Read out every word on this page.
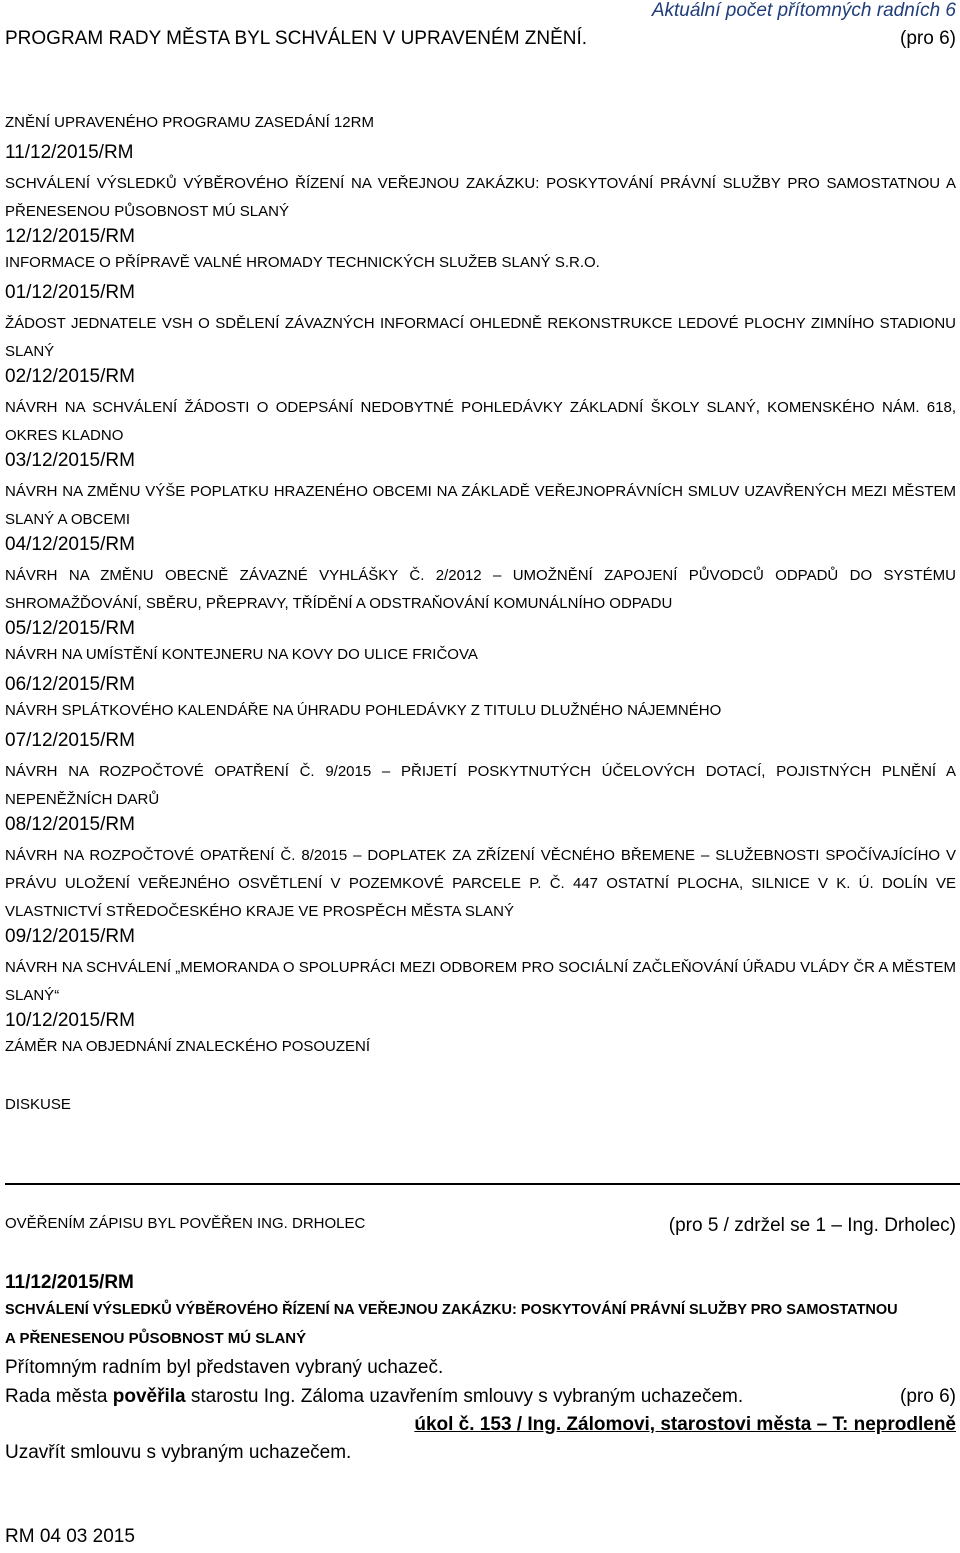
Aktuální počet přítomných radních 6
PROGRAM RADY MĚSTA BYL SCHVÁLEN V UPRAVENÉM ZNĚNÍ.	(pro 6)
ZNĚNÍ UPRAVENÉHO PROGRAMU ZASEDÁNÍ 12RM
11/12/2015/RM
SCHVÁLENÍ VÝSLEDKŮ VÝBĚROVÉHO ŘÍZENÍ NA VEŘEJNOU ZAKÁZKU: POSKYTOVÁNÍ PRÁVNÍ SLUŽBY PRO SAMOSTATNOU A PŘENESENOU PŮSOBNOST MÚ SLANÝ
12/12/2015/RM
INFORMACE O PŘÍPRAVĚ VALNÉ HROMADY TECHNICKÝCH SLUŽEB SLANÝ S.R.O.
01/12/2015/RM
ŽÁDOST JEDNATELE VSH O SDĚLENÍ ZÁVAZNÝCH INFORMACÍ OHLEDNĚ REKONSTRUKCE LEDOVÉ PLOCHY ZIMNÍHO STADIONU SLANÝ
02/12/2015/RM
NÁVRH NA SCHVÁLENÍ ŽÁDOSTI O ODEPSÁNÍ NEDOBYTNÉ POHLEDÁVKY ZÁKLADNÍ ŠKOLY SLANÝ, KOMENSKÉHO NÁM. 618, OKRES KLADNO
03/12/2015/RM
NÁVRH NA ZMĚNU VÝŠE POPLATKU HRAZENÉHO OBCEMI NA ZÁKLADĚ VEŘEJNOPRÁVNÍCH SMLUV UZAVŘENÝCH MEZI MĚSTEM SLANÝ A OBCEMI
04/12/2015/RM
NÁVRH NA ZMĚNU OBECNĚ ZÁVAZNÉ VYHLÁŠKY Č. 2/2012 – UMOŽNĚNÍ ZAPOJENÍ PŮVODCŮ ODPADŮ DO SYSTÉMU SHROMAŽĎOVÁNÍ, SBĚRU, PŘEPRAVY, TŘÍDĚNÍ A ODSTRAŇOVÁNÍ KOMUNÁLNÍHO ODPADU
05/12/2015/RM
NÁVRH NA UMÍSTĚNÍ KONTEJNERU NA KOVY DO ULICE FRIČOVA
06/12/2015/RM
NÁVRH SPLÁTKOVÉHO KALENDÁŘE NA ÚHRADU POHLEDÁVKY Z TITULU DLUŽNÉHO NÁJEMNÉHO
07/12/2015/RM
NÁVRH NA ROZPOČTOVÉ OPATŘENÍ Č. 9/2015 – PŘIJETÍ POSKYTNUTÝCH ÚČELOVÝCH DOTACÍ, POJISTNÝCH PLNĚNÍ A NEPENĚŽNÍCH DARŮ
08/12/2015/RM
NÁVRH NA ROZPOČTOVÉ OPATŘENÍ Č. 8/2015 – DOPLATEK ZA ZŘÍZENÍ VĚCNÉHO BŘEMENE – SLUŽEBNOSTI SPOČÍVAJÍCÍHO V PRÁVU ULOŽENÍ VEŘEJNÉHO OSVĚTLENÍ V POZEMKOVÉ PARCELE P. Č. 447 OSTATNÍ PLOCHA, SILNICE V K. Ú. DOLÍN VE VLASTNICTVÍ STŘEDOČESKÉHO KRAJE VE PROSPĚCH MĚSTA SLANÝ
09/12/2015/RM
NÁVRH NA SCHVÁLENÍ „MEMORANDA O SPOLUPRÁCI MEZI ODBOREM PRO SOCIÁLNÍ ZAČLEŇOVÁNÍ ÚŘADU VLÁDY ČR A MĚSTEM SLANÝ“
10/12/2015/RM
ZÁMĚR NA OBJEDNÁNÍ ZNALECKÉHO POSOUZENÍ
DISKUSE
OVĚŘENÍM ZÁPISU BYL POVĚŘEN ING. DRHOLEC	(pro 5 / zdržel se 1 – Ing. Drholec)
11/12/2015/RM
SCHVÁLENÍ VÝSLEDKŮ VÝBĚROVÉHO ŘÍZENÍ NA VEŘEJNOU ZAKÁZKU: POSKYTOVÁNÍ PRÁVNÍ SLUŽBY PRO SAMOSTATNOU
A PŘENESENOU PŮSOBNOST MÚ SLANÝ
Přítomným radním byl představen vybraný uchazeč.
Rada města pověřila starostu Ing. Záloma uzavřením smlouvy s vybraným uchazečem.	(pro 6)
úkol č. 153 / Ing. Zálomovi, starostovi města – T: neprodleně
Uzavřít smlouvu s vybraným uchazečem.
RM 04 03 2015
